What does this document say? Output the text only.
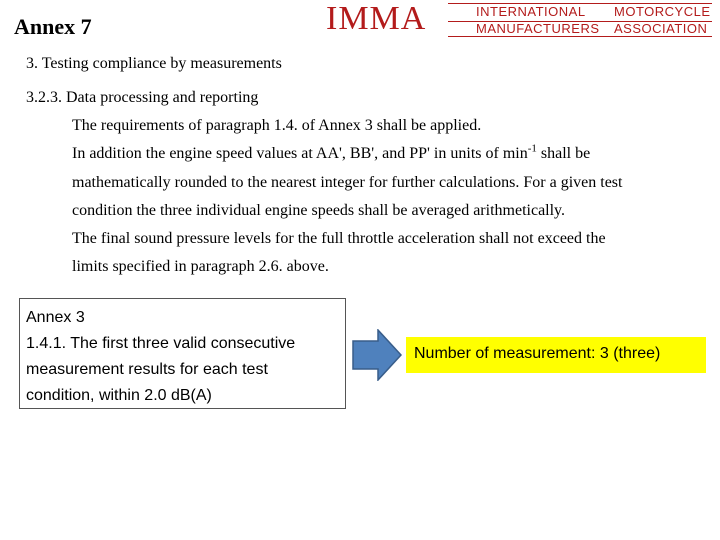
Annex 7	IMMA	INTERNATIONAL
MANUFACTURERS
MOTORCYCLE
ASSOCIATION
3. Testing compliance by measurements
3.2.3. Data processing and reporting
The requirements of paragraph 1.4. of Annex 3 shall be applied.
In addition the engine speed values at AA', BB', and PP' in units of $\min^{-1}$ shall be
mathematically rounded to the nearest integer for further calculations. For a given test
condition the three individual engine speeds shall be averaged arithmetically.
The final sound pressure levels for the full throttle acceleration shall not exceed the
limits specified in paragraph 2.6. above.
Annex 3
1.4.1. The first three valid consecutive
measurement results for each test
condition, within 2.0 dB(A)
Number of measurement: 3 (three)
